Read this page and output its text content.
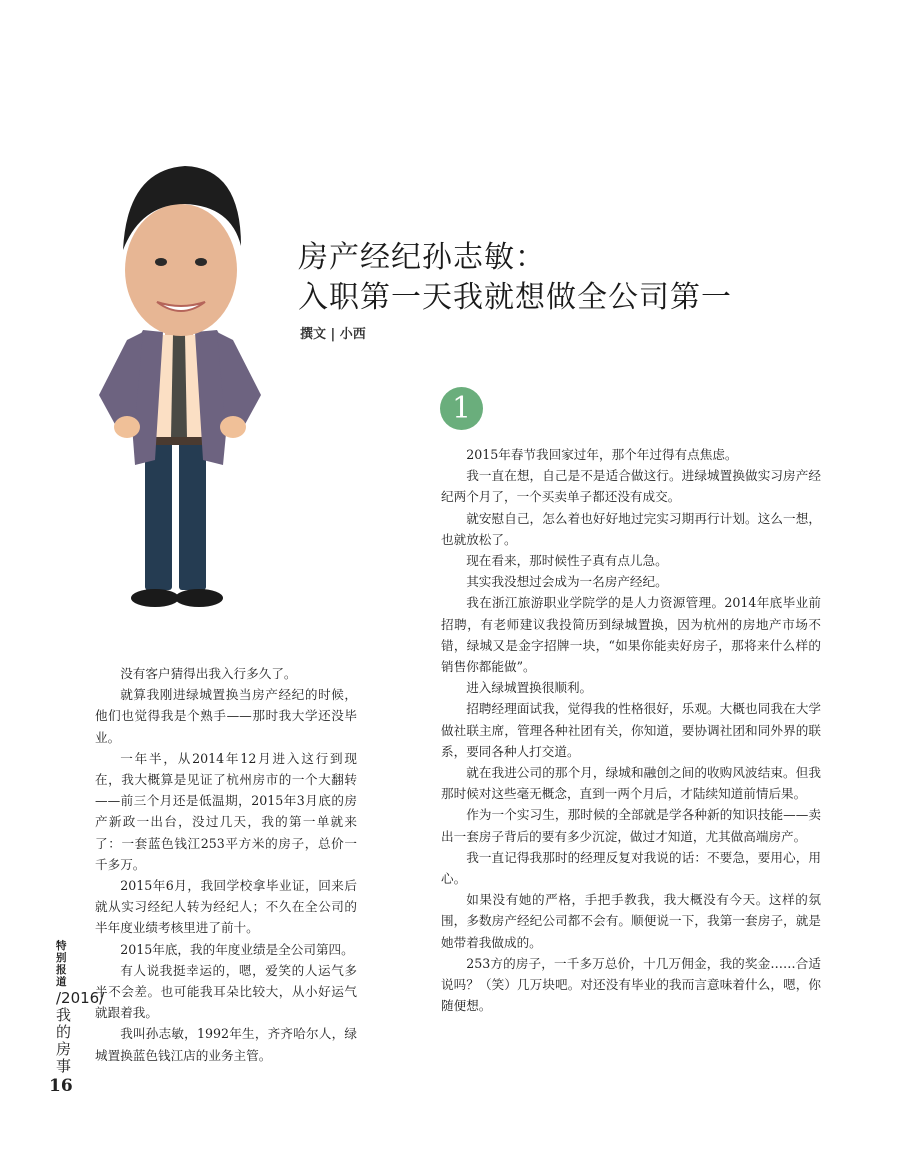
房产经纪孙志敏：
入职第一天我就想做全公司第一
撰文 | 小西
1

没有客户猜得出我入行多久了。

就算我刚进绿城置换当房产经纪的时候，他们也觉得我是个熟手——那时我大学还没毕业。

一年半，从2014年12月进入这行到现在，我大概算是见证了杭州房市的一个大翻转——前三个月还是低温期，2015年3月底的房产新政一出台，没过几天，我的第一单就来了：一套蓝色钱江253平方米的房子，总价一千多万。

2015年6月，我回学校拿毕业证，回来后就从实习经纪人转为经纪人；不久在全公司的半年度业绩考核里进了前十。

2015年底，我的年度业绩是全公司第四。

有人说我挺幸运的，嗯，爱笑的人运气多半不会差。也可能我耳朵比较大，从小好运气就跟着我。

我叫孙志敏，1992年生，齐齐哈尔人，绿城置换蓝色钱江店的业务主管。

2015年春节我回家过年，那个年过得有点焦虑。

我一直在想，自己是不是适合做这行。进绿城置换做实习房产经纪两个月了，一个买卖单子都还没有成交。

就安慰自己，怎么着也好好地过完实习期再行计划。这么一想，也就放松了。

现在看来，那时候性子真有点儿急。

其实我没想过会成为一名房产经纪。

我在浙江旅游职业学院学的是人力资源管理。2014年底毕业前招聘，有老师建议我投简历到绿城置换，因为杭州的房地产市场不错，绿城又是金字招牌一块，“如果你能卖好房子，那将来什么样的销售你都能做”。

进入绿城置换很顺利。

招聘经理面试我，觉得我的性格很好，乐观。大概也同我在大学做社联主席，管理各种社团有关，你知道，要协调社团和同外界的联系，要同各种人打交道。

就在我进公司的那个月，绿城和融创之间的收购风波结束。但我那时候对这些毫无概念，直到一两个月后，才陆续知道前情后果。

作为一个实习生，那时候的全部就是学各种新的知识技能——卖出一套房子背后的要有多少沉淀，做过才知道，尤其做高端房产。

我一直记得我那时的经理反复对我说的话：不要急，要用心，用心。

如果没有她的严格，手把手教我，我大概没有今天。这样的氛围，多数房产经纪公司都不会有。顺便说一下，我第一套房子，就是她带着我做成的。

253方的房子，一千多万总价，十几万佣金，我的奖金……合适说吗？（笑）几万块吧。对还没有毕业的我而言意味着什么，嗯，你随便想。

特别报道
/2016/我的房事
16
